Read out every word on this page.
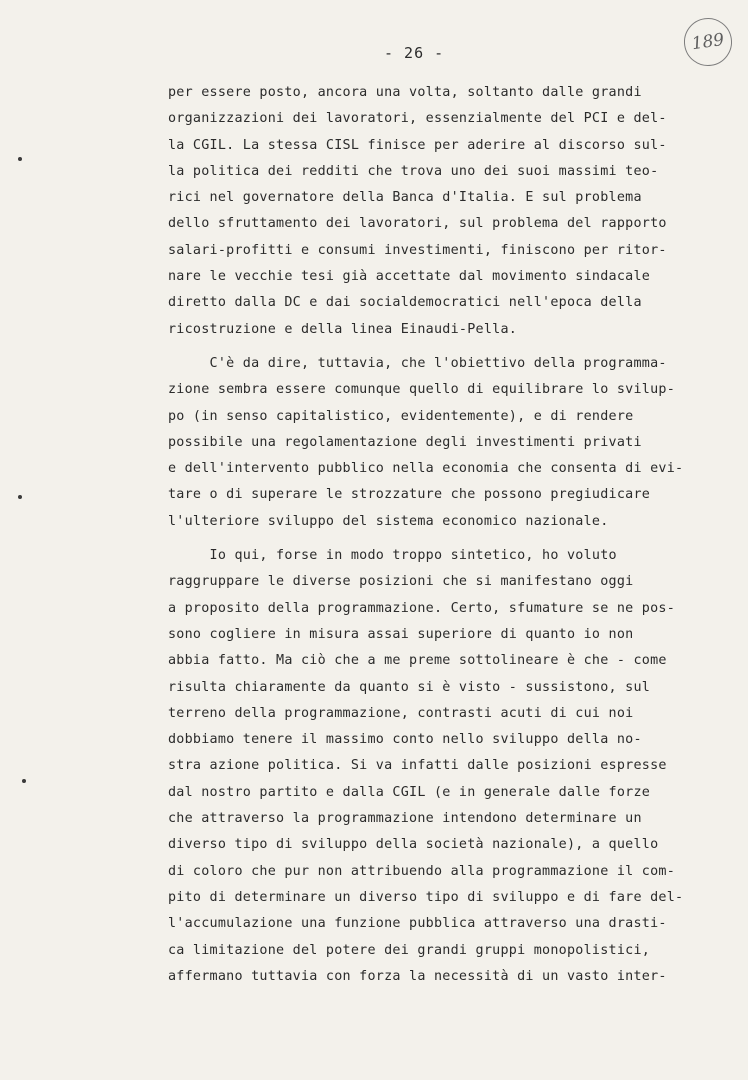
- 26 -	189
per essere posto, ancora una volta, soltanto dalle grandi
organizzazioni dei lavoratori, essenzialmente del PCI e del-
la CGIL. La stessa CISL finisce per aderire al discorso sul-
la politica dei redditi che trova uno dei suoi massimi teo-
rici nel governatore della Banca d'Italia. E sul problema
dello sfruttamento dei lavoratori, sul problema del rapporto
salari-profitti e consumi investimenti, finiscono per ritor-
nare le vecchie tesi già accettate dal movimento sindacale
diretto dalla DC e dai socialdemocratici nell'epoca della
ricostruzione e della linea Einaudi-Pella.
C'è da dire, tuttavia, che l'obiettivo della programma-
zione sembra essere comunque quello di equilibrare lo svilup-
po (in senso capitalistico, evidentemente), e di rendere
possibile una regolamentazione degli investimenti privati
e dell'intervento pubblico nella economia che consenta di evi-
tare o di superare le strozzature che possono pregiudicare
l'ulteriore sviluppo del sistema economico nazionale.
Io qui, forse in modo troppo sintetico, ho voluto
raggruppare le diverse posizioni che si manifestano oggi
a proposito della programmazione. Certo, sfumature se ne pos-
sono cogliere in misura assai superiore di quanto io non
abbia fatto. Ma ciò che a me preme sottolineare è che - come
risulta chiaramente da quanto si è visto - sussistono, sul
terreno della programmazione, contrasti acuti di cui noi
dobbiamo tenere il massimo conto nello sviluppo della no-
stra azione politica. Si va infatti dalle posizioni espresse
dal nostro partito e dalla CGIL (e in generale dalle forze
che attraverso la programmazione intendono determinare un
diverso tipo di sviluppo della società nazionale), a quello
di coloro che pur non attribuendo alla programmazione il com-
pito di determinare un diverso tipo di sviluppo e di fare del-
l'accumulazione una funzione pubblica attraverso una drasti-
ca limitazione del potere dei grandi gruppi monopolistici,
affermano tuttavia con forza la necessità di un vasto inter-
